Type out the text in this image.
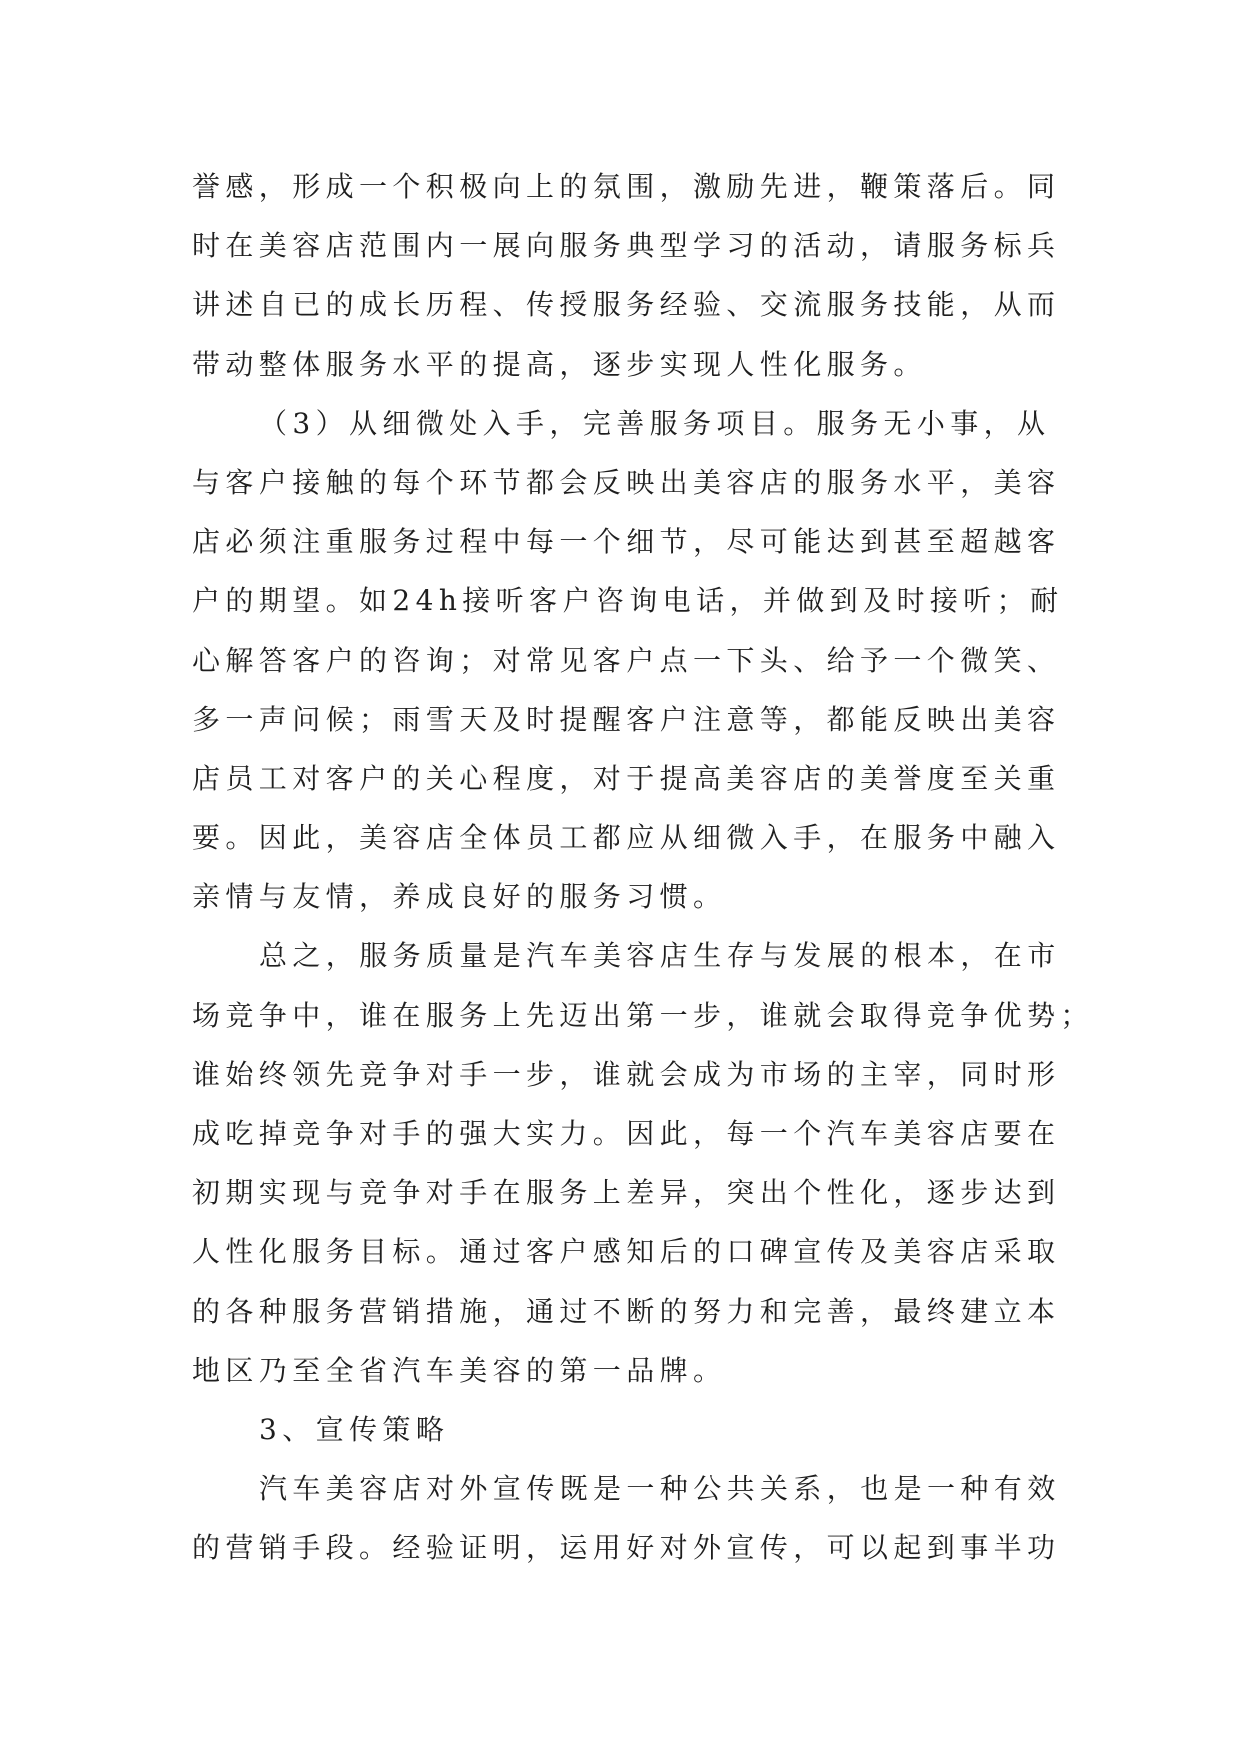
誉感，形成一个积极向上的氛围，激励先进，鞭策落后。同
时在美容店范围内一展向服务典型学习的活动，请服务标兵
讲述自已的成长历程、传授服务经验、交流服务技能，从而
带动整体服务水平的提高，逐步实现人性化服务。
（3）从细微处入手，完善服务项目。服务无小事，从
与客户接触的每个环节都会反映出美容店的服务水平，美容
店必须注重服务过程中每一个细节，尽可能达到甚至超越客
户的期望。如24h接听客户咨询电话，并做到及时接听；耐
心解答客户的咨询；对常见客户点一下头、给予一个微笑、
多一声问候；雨雪天及时提醒客户注意等，都能反映出美容
店员工对客户的关心程度，对于提高美容店的美誉度至关重
要。因此，美容店全体员工都应从细微入手，在服务中融入
亲情与友情，养成良好的服务习惯。
总之，服务质量是汽车美容店生存与发展的根本，在市
场竞争中，谁在服务上先迈出第一步，谁就会取得竞争优势；
谁始终领先竞争对手一步，谁就会成为市场的主宰，同时形
成吃掉竞争对手的强大实力。因此，每一个汽车美容店要在
初期实现与竞争对手在服务上差异，突出个性化，逐步达到
人性化服务目标。通过客户感知后的口碑宣传及美容店采取
的各种服务营销措施，通过不断的努力和完善，最终建立本
地区乃至全省汽车美容的第一品牌。
3、宣传策略
汽车美容店对外宣传既是一种公共关系，也是一种有效
的营销手段。经验证明，运用好对外宣传，可以起到事半功
